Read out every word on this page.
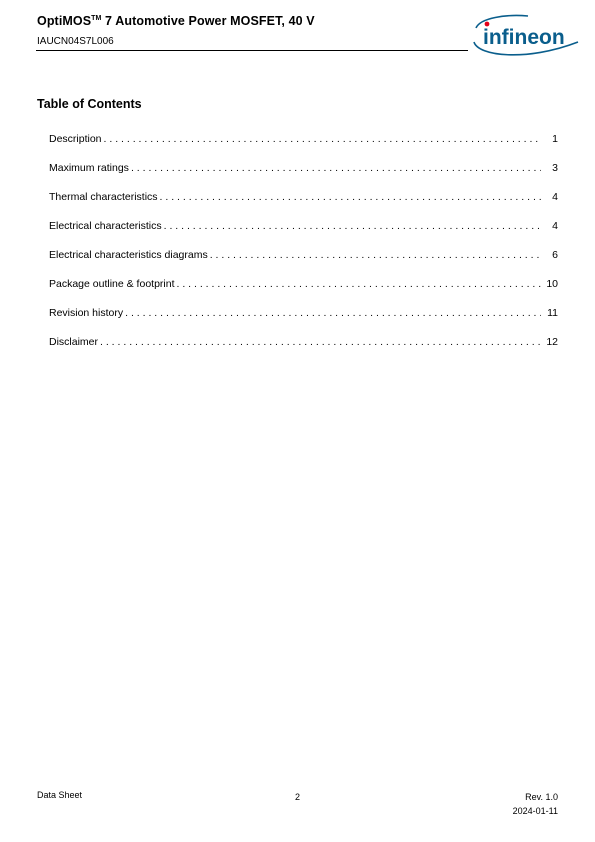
OptiMOS™ 7 Automotive Power MOSFET, 40 V
IAUCN04S7L006	infineon
Table of Contents
Description . . .	1
Maximum ratings . . .	3
Thermal characteristics . . .	4
Electrical characteristics . . .	4
Electrical characteristics diagrams . . .	6
Package outline & footprint . . .	10
Revision history . . .	11
Disclaimer . . .	12
Data Sheet	2	Rev. 1.0
2024-01-11
